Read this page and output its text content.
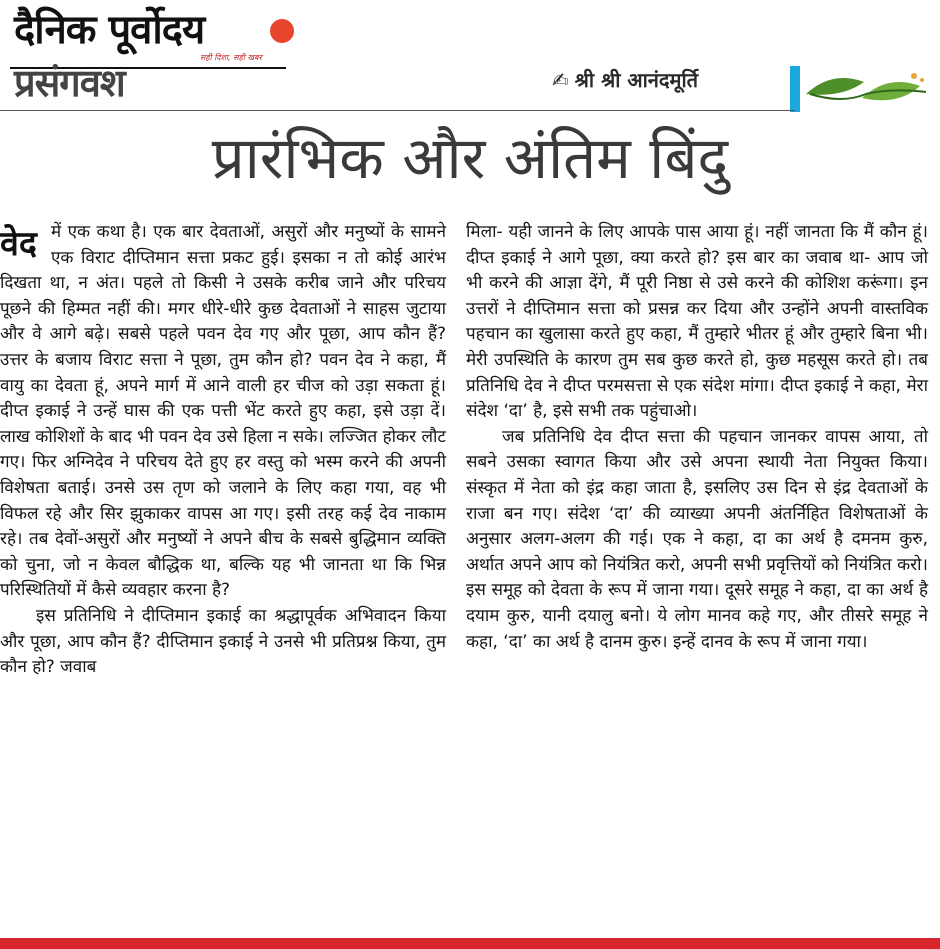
दैनिक पूर्वोदय
सही दिशा, सही खबर
प्रसंगवश	✍ श्री श्री आनंदमूर्ति
प्रारंभिक और अंतिम बिंदु
वेद में एक कथा है। एक बार देवताओं, असुरों और मनुष्यों के सामने एक विराट दीप्तिमान सत्ता प्रकट हुई। इसका न तो कोई आरंभ दिखता था, न अंत। पहले तो किसी ने उसके करीब जाने और परिचय पूछने की हिम्मत नहीं की। मगर धीरे-धीरे कुछ देवताओं ने साहस जुटाया और वे आगे बढ़े। सबसे पहले पवन देव गए और पूछा, आप कौन हैं? उत्तर के बजाय विराट सत्ता ने पूछा, तुम कौन हो? पवन देव ने कहा, मैं वायु का देवता हूं, अपने मार्ग में आने वाली हर चीज को उड़ा सकता हूं। दीप्त इकाई ने उन्हें घास की एक पत्ती भेंट करते हुए कहा, इसे उड़ा दें। लाख कोशिशों के बाद भी पवन देव उसे हिला न सके। लज्जित होकर लौट गए। फिर अग्निदेव ने परिचय देते हुए हर वस्तु को भस्म करने की अपनी विशेषता बताई। उनसे उस तृण को जलाने के लिए कहा गया, वह भी विफल रहे और सिर झुकाकर वापस आ गए। इसी तरह कई देव नाकाम रहे। तब देवों-असुरों और मनुष्यों ने अपने बीच के सबसे बुद्धिमान व्यक्ति को चुना, जो न केवल बौद्धिक था, बल्कि यह भी जानता था कि भिन्न परिस्थितियों में कैसे व्यवहार करना है?

इस प्रतिनिधि ने दीप्तिमान इकाई का श्रद्धापूर्वक अभिवादन किया और पूछा, आप कौन हैं? दीप्तिमान इकाई ने उनसे भी प्रतिप्रश्न किया, तुम कौन हो? जवाब

मिला- यही जानने के लिए आपके पास आया हूं। नहीं जानता कि मैं कौन हूं। दीप्त इकाई ने आगे पूछा, क्या करते हो? इस बार का जवाब था- आप जो भी करने की आज्ञा देंगे, मैं पूरी निष्ठा से उसे करने की कोशिश करूंगा। इन उत्तरों ने दीप्तिमान सत्ता को प्रसन्न कर दिया और उन्होंने अपनी वास्तविक पहचान का खुलासा करते हुए कहा, मैं तुम्हारे भीतर हूं और तुम्हारे बिना भी। मेरी उपस्थिति के कारण तुम सब कुछ करते हो, कुछ महसूस करते हो। तब प्रतिनिधि देव ने दीप्त परमसत्ता से एक संदेश मांगा। दीप्त इकाई ने कहा, मेरा संदेश ‘दा’ है, इसे सभी तक पहुंचाओ।

जब प्रतिनिधि देव दीप्त सत्ता की पहचान जानकर वापस आया, तो सबने उसका स्वागत किया और उसे अपना स्थायी नेता नियुक्त किया। संस्कृत में नेता को इंद्र कहा जाता है, इसलिए उस दिन से इंद्र देवताओं के राजा बन गए। संदेश ‘दा’ की व्याख्या अपनी अंतर्निहित विशेषताओं के अनुसार अलग-अलग की गई। एक ने कहा, दा का अर्थ है दमनम कुरु, अर्थात अपने आप को नियंत्रित करो, अपनी सभी प्रवृत्तियों को नियंत्रित करो। इस समूह को देवता के रूप में जाना गया। दूसरे समूह ने कहा, दा का अर्थ है दयाम कुरु, यानी दयालु बनो। ये लोग मानव कहे गए, और तीसरे समूह ने कहा, ‘दा’ का अर्थ है दानम कुरु। इन्हें दानव के रूप में जाना गया।
